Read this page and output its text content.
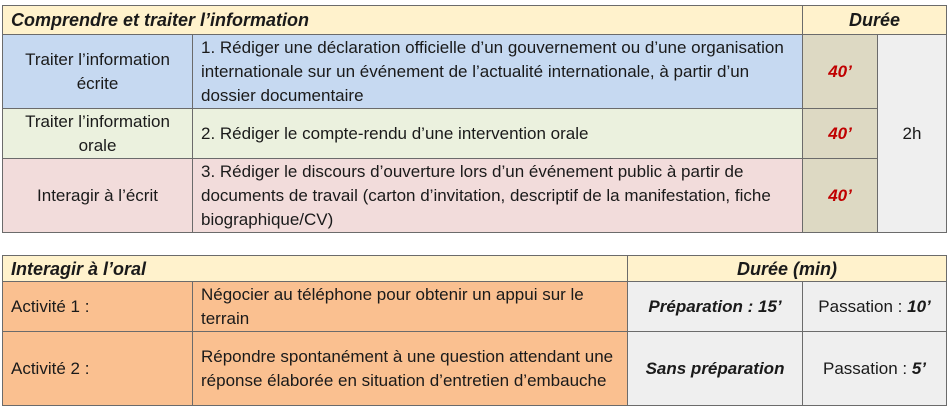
Comprendre et traiter l’information		Durée	
Traiter l’information écrite	1. Rédiger une déclaration officielle d’un gouvernement ou d’une organisation internationale sur un événement de l’actualité internationale, à partir d’un dossier documentaire	40’	2h
Traiter l’information orale	2. Rédiger le compte-rendu d’une intervention orale	40’	
Interagir à l’écrit	3. Rédiger le discours d’ouverture lors d’un événement public à partir de documents de travail (carton d’invitation, descriptif de la manifestation, fiche biographique/CV)	40’	
Interagir à l’oral		Durée (min)	
Activité 1 :	Négocier au téléphone pour obtenir un appui sur le terrain	Préparation : 15’	Passation : 10’
Activité 2 :	Répondre spontanément à une question attendant une réponse élaborée en situation d’entretien d’embauche	Sans préparation	Passation : 5’
